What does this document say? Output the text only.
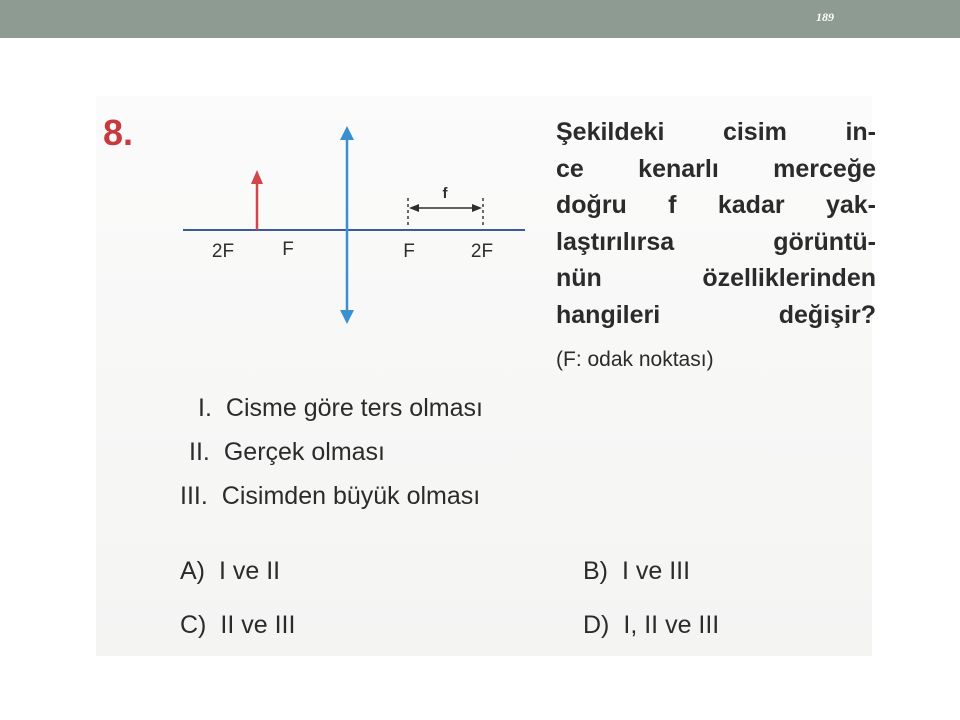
189
8.	Şekildeki cisim in-
ce kenarlı merceğe
doğru f kadar yak-
laştırılırsa görüntü-
nün özelliklerinden
hangileri değişir?

(F: odak noktası)
f
2F	F	F	2F
I. Cisme göre ters olması
II. Gerçek olması
III. Cisimden büyük olması
A) I ve II	B) I ve III
C) II ve III	D) I, II ve III
